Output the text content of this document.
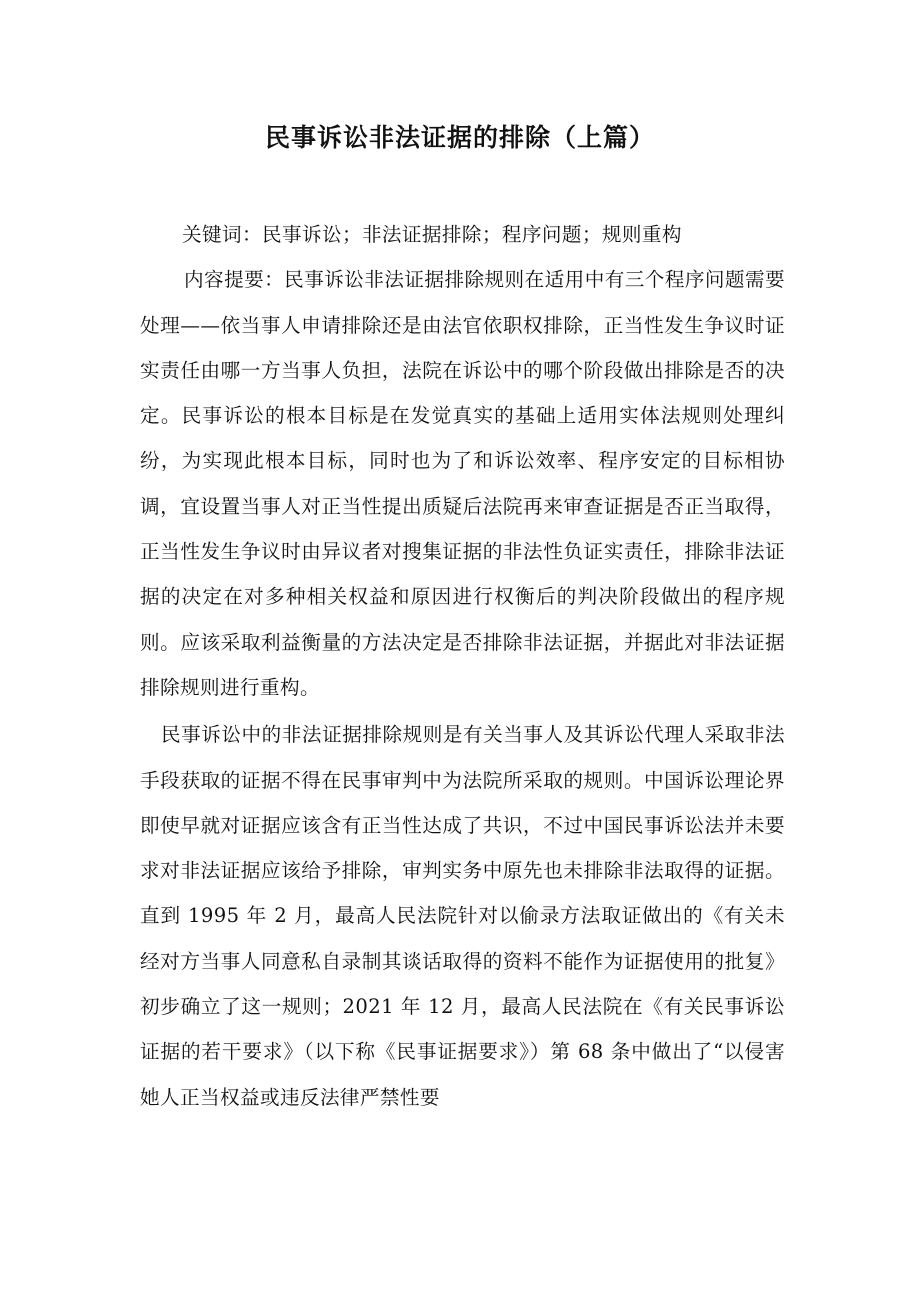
民事诉讼非法证据的排除（上篇）

关键词：民事诉讼；非法证据排除；程序问题；规则重构

内容提要：民事诉讼非法证据排除规则在适用中有三个程序问题需要处理——依当事人申请排除还是由法官依职权排除，正当性发生争议时证实责任由哪一方当事人负担，法院在诉讼中的哪个阶段做出排除是否的决定。民事诉讼的根本目标是在发觉真实的基础上适用实体法规则处理纠纷，为实现此根本目标，同时也为了和诉讼效率、程序安定的目标相协调，宜设置当事人对正当性提出质疑后法院再来审查证据是否正当取得，正当性发生争议时由异议者对搜集证据的非法性负证实责任，排除非法证据的决定在对多种相关权益和原因进行权衡后的判决阶段做出的程序规则。应该采取利益衡量的方法决定是否排除非法证据，并据此对非法证据排除规则进行重构。

民事诉讼中的非法证据排除规则是有关当事人及其诉讼代理人采取非法手段获取的证据不得在民事审判中为法院所采取的规则。中国诉讼理论界即使早就对证据应该含有正当性达成了共识，不过中国民事诉讼法并未要求对非法证据应该给予排除，审判实务中原先也未排除非法取得的证据。直到 1995 年 2 月，最高人民法院针对以偷录方法取证做出的《有关未经对方当事人同意私自录制其谈话取得的资料不能作为证据使用的批复》初步确立了这一规则；2021 年 12 月，最高人民法院在《有关民事诉讼证据的若干要求》（以下称《民事证据要求》）第 68 条中做出了“以侵害她人正当权益或违反法律严禁性要
